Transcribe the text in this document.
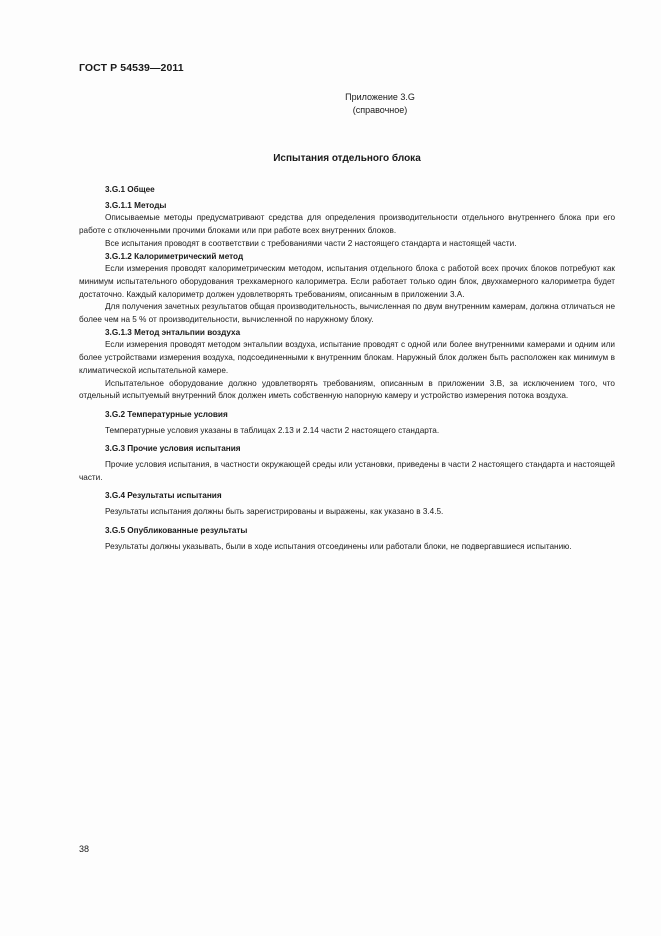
ГОСТ Р 54539—2011
Приложение 3.G
(справочное)
Испытания отдельного блока
3.G.1 Общее
3.G.1.1 Методы
Описываемые методы предусматривают средства для определения производительности отдельного внутреннего блока при его работе с отключенными прочими блоками или при работе всех внутренних блоков.
Все испытания проводят в соответствии с требованиями части 2 настоящего стандарта и настоящей части.
3.G.1.2 Калориметрический метод
Если измерения проводят калориметрическим методом, испытания отдельного блока с работой всех прочих блоков потребуют как минимум испытательного оборудования трехкамерного калориметра. Если работает только один блок, двухкамерного калориметра будет достаточно. Каждый калориметр должен удовлетворять требованиям, описанным в приложении 3.А.
Для получения зачетных результатов общая производительность, вычисленная по двум внутренним камерам, должна отличаться не более чем на 5 % от производительности, вычисленной по наружному блоку.
3.G.1.3 Метод энтальпии воздуха
Если измерения проводят методом энтальпии воздуха, испытание проводят с одной или более внутренними камерами и одним или более устройствами измерения воздуха, подсоединенными к внутренним блокам. Наружный блок должен быть расположен как минимум в климатической испытательной камере.
Испытательное оборудование должно удовлетворять требованиям, описанным в приложении 3.B, за исключением того, что отдельный испытуемый внутренний блок должен иметь собственную напорную камеру и устройство измерения потока воздуха.
3.G.2 Температурные условия
Температурные условия указаны в таблицах 2.13 и 2.14 части 2 настоящего стандарта.
3.G.3 Прочие условия испытания
Прочие условия испытания, в частности окружающей среды или установки, приведены в части 2 настоящего стандарта и настоящей части.
3.G.4 Результаты испытания
Результаты испытания должны быть зарегистрированы и выражены, как указано в 3.4.5.
3.G.5 Опубликованные результаты
Результаты должны указывать, были в ходе испытания отсоединены или работали блоки, не подвергавшиеся испытанию.
38
